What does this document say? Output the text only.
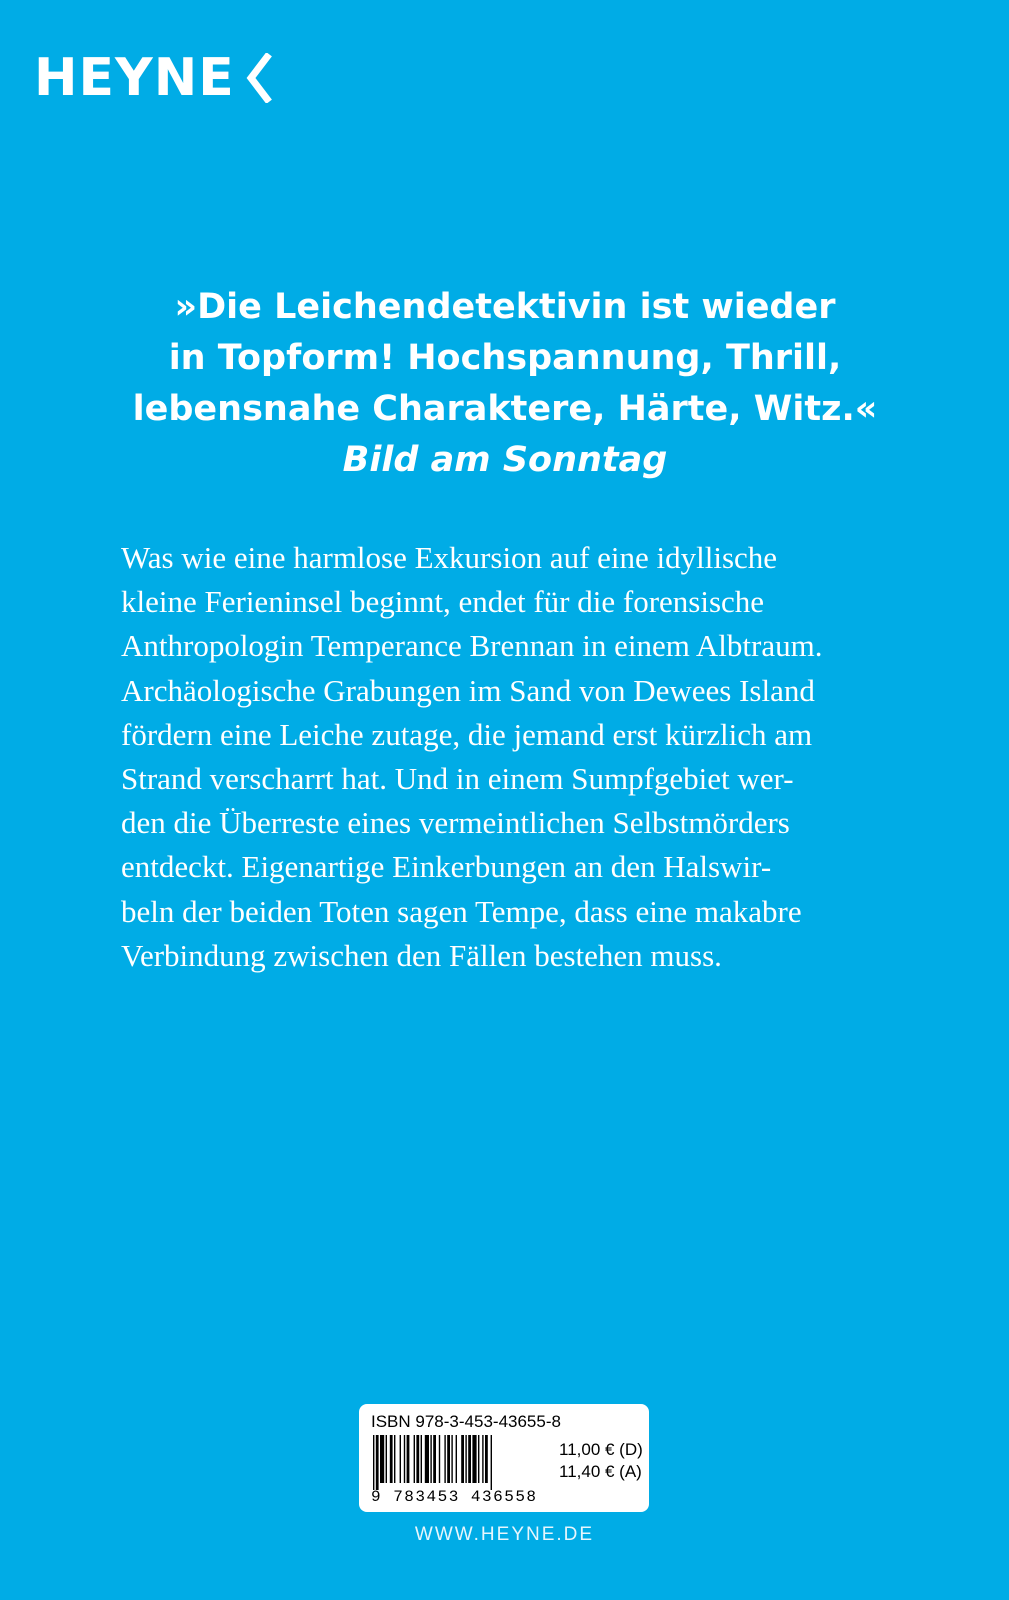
HEYNE
»Die Leichendetektivin ist wieder
in Topform! Hochspannung, Thrill,
lebensnahe Charaktere, Härte, Witz.«
Bild am Sonntag
Was wie eine harmlose Exkursion auf eine idyllische
kleine Ferieninsel beginnt, endet für die forensische
Anthropologin Temperance Brennan in einem Albtraum.
Archäologische Grabungen im Sand von Dewees Island
fördern eine Leiche zutage, die jemand erst kürzlich am
Strand verscharrt hat. Und in einem Sumpfgebiet wer-
den die Überreste eines vermeintlichen Selbstmörders
entdeckt. Eigenartige Einkerbungen an den Halswir-
beln der beiden Toten sagen Tempe, dass eine makabre
Verbindung zwischen den Fällen bestehen muss.
ISBN 978-3-453-43655-8
9 783453 436558
11,00 € (D)
11,40 € (A)
WWW.HEYNE.DE
